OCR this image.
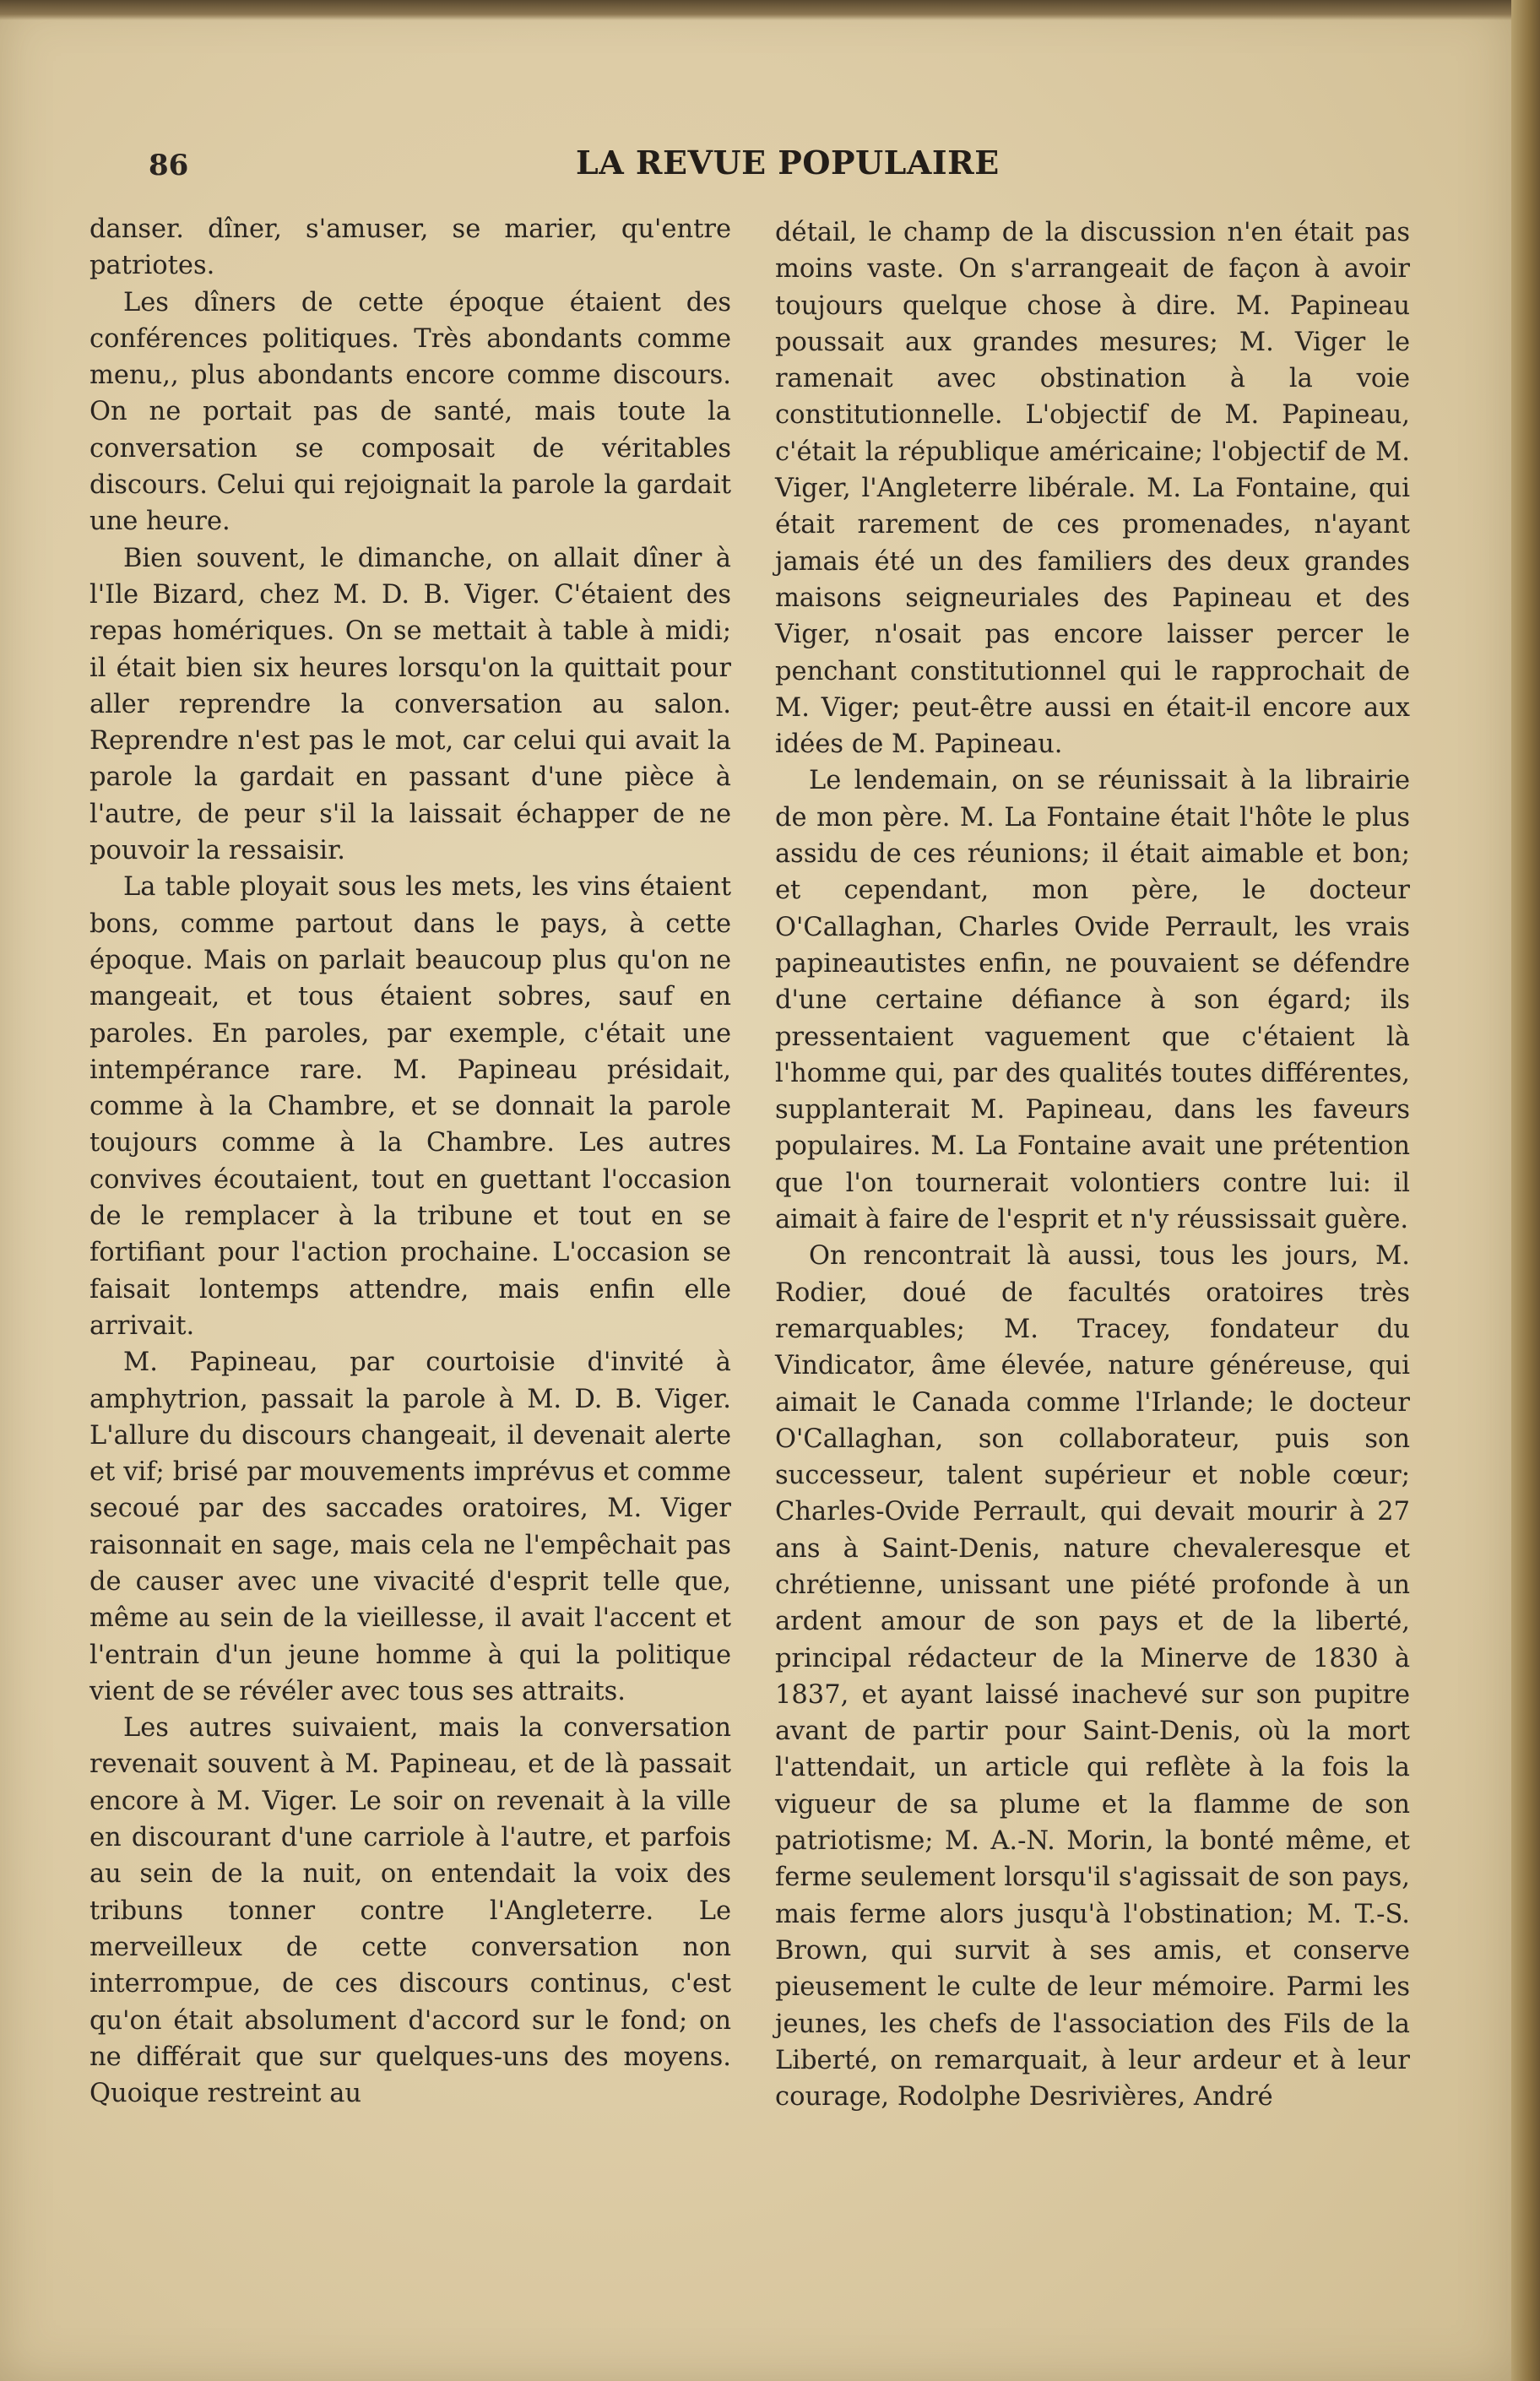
86	LA REVUE POPULAIRE

danser. dîner, s'amuser, se marier, qu'entre patriotes.

Les dîners de cette époque étaient des conférences politiques. Très abondants comme menu,, plus abondants encore comme discours. On ne portait pas de santé, mais toute la conversation se composait de véritables discours. Celui qui rejoignait la parole la gardait une heure.

Bien souvent, le dimanche, on allait dîner à l'Ile Bizard, chez M. D. B. Viger. C'étaient des repas homériques. On se mettait à table à midi; il était bien six heures lorsqu'on la quittait pour aller reprendre la conversation au salon. Reprendre n'est pas le mot, car celui qui avait la parole la gardait en passant d'une pièce à l'autre, de peur s'il la laissait échapper de ne pouvoir la ressaisir.

La table ployait sous les mets, les vins étaient bons, comme partout dans le pays, à cette époque. Mais on parlait beaucoup plus qu'on ne mangeait, et tous étaient sobres, sauf en paroles. En paroles, par exemple, c'était une intempérance rare. M. Papineau présidait, comme à la Chambre, et se donnait la parole toujours comme à la Chambre. Les autres convives écoutaient, tout en guettant l'occasion de le remplacer à la tribune et tout en se fortifiant pour l'action prochaine. L'occasion se faisait lontemps attendre, mais enfin elle arrivait.

M. Papineau, par courtoisie d'invité à amphytrion, passait la parole à M. D. B. Viger. L'allure du discours changeait, il devenait alerte et vif; brisé par mouvements imprévus et comme secoué par des saccades oratoires, M. Viger raisonnait en sage, mais cela ne l'empêchait pas de causer avec une vivacité d'esprit telle que, même au sein de la vieillesse, il avait l'accent et l'entrain d'un jeune homme à qui la politique vient de se révéler avec tous ses attraits.

Les autres suivaient, mais la conversation revenait souvent à M. Papineau, et de là passait encore à M. Viger. Le soir on revenait à la ville en discourant d'une carriole à l'autre, et parfois au sein de la nuit, on entendait la voix des tribuns tonner contre l'Angleterre. Le merveilleux de cette conversation non interrompue, de ces discours continus, c'est qu'on était absolument d'accord sur le fond; on ne différait que sur quelques-uns des moyens. Quoique restreint au

détail, le champ de la discussion n'en était pas moins vaste. On s'arrangeait de façon à avoir toujours quelque chose à dire. M. Papineau poussait aux grandes mesures; M. Viger le ramenait avec obstination à la voie constitutionnelle. L'objectif de M. Papineau, c'était la république américaine; l'objectif de M. Viger, l'Angleterre libérale. M. La Fontaine, qui était rarement de ces promenades, n'ayant jamais été un des familiers des deux grandes maisons seigneuriales des Papineau et des Viger, n'osait pas encore laisser percer le penchant constitutionnel qui le rapprochait de M. Viger; peut-être aussi en était-il encore aux idées de M. Papineau.

Le lendemain, on se réunissait à la librairie de mon père. M. La Fontaine était l'hôte le plus assidu de ces réunions; il était aimable et bon; et cependant, mon père, le docteur O'Callaghan, Charles Ovide Perrault, les vrais papineautistes enfin, ne pouvaient se défendre d'une certaine défiance à son égard; ils pressentaient vaguement que c'étaient là l'homme qui, par des qualités toutes différentes, supplanterait M. Papineau, dans les faveurs populaires. M. La Fontaine avait une prétention que l'on tournerait volontiers contre lui: il aimait à faire de l'esprit et n'y réussissait guère.

On rencontrait là aussi, tous les jours, M. Rodier, doué de facultés oratoires très remarquables; M. Tracey, fondateur du Vindicator, âme élevée, nature généreuse, qui aimait le Canada comme l'Irlande; le docteur O'Callaghan, son collaborateur, puis son successeur, talent supérieur et noble cœur; Charles-Ovide Perrault, qui devait mourir à 27 ans à Saint-Denis, nature chevaleresque et chrétienne, unissant une piété profonde à un ardent amour de son pays et de la liberté, principal rédacteur de la Minerve de 1830 à 1837, et ayant laissé inachevé sur son pupitre avant de partir pour Saint-Denis, où la mort l'attendait, un article qui reflète à la fois la vigueur de sa plume et la flamme de son patriotisme; M. A.-N. Morin, la bonté même, et ferme seulement lorsqu'il s'agissait de son pays, mais ferme alors jusqu'à l'obstination; M. T.-S. Brown, qui survit à ses amis, et conserve pieusement le culte de leur mémoire. Parmi les jeunes, les chefs de l'association des Fils de la Liberté, on remarquait, à leur ardeur et à leur courage, Rodolphe Desrivières, André
